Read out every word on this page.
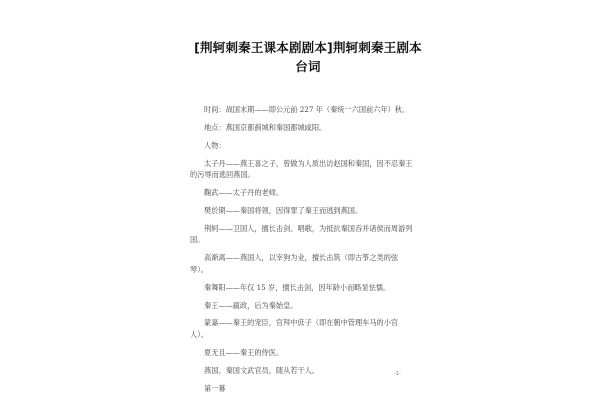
[荆轲刺秦王课本剧剧本]荆轲刺秦王剧本台词

时间：战国末期——即公元前 227 年（秦统一六国前六年）秋。

地点：燕国京都蓟城和秦国都城咸阳。

人物：

太子丹——燕王喜之子，曾做为人质出访赵国和秦国，因不忍秦王的污辱而逃回燕国。

鞠武——太子丹的老师。

樊於期——秦国将领，因得罪了秦王而逃到燕国。

荆轲——卫国人，擅长击剑、唱歌，为抵抗秦国吞并诸侯而周游列国。

高渐离——燕国人，以宰狗为业，擅长击筑（即古筝之类的弦琴）。

秦舞阳——年仅 15 岁，擅长击剑，因年龄小而略显怯懦。

秦王——嬴政，后为秦始皇。

蒙嘉——秦王的宠臣，官拜中庶子（即在朝中管理车马的小官人）。

夏无且——秦王的侍医。

燕国、秦国文武官员，随从若干人。

第一幕

-1-
